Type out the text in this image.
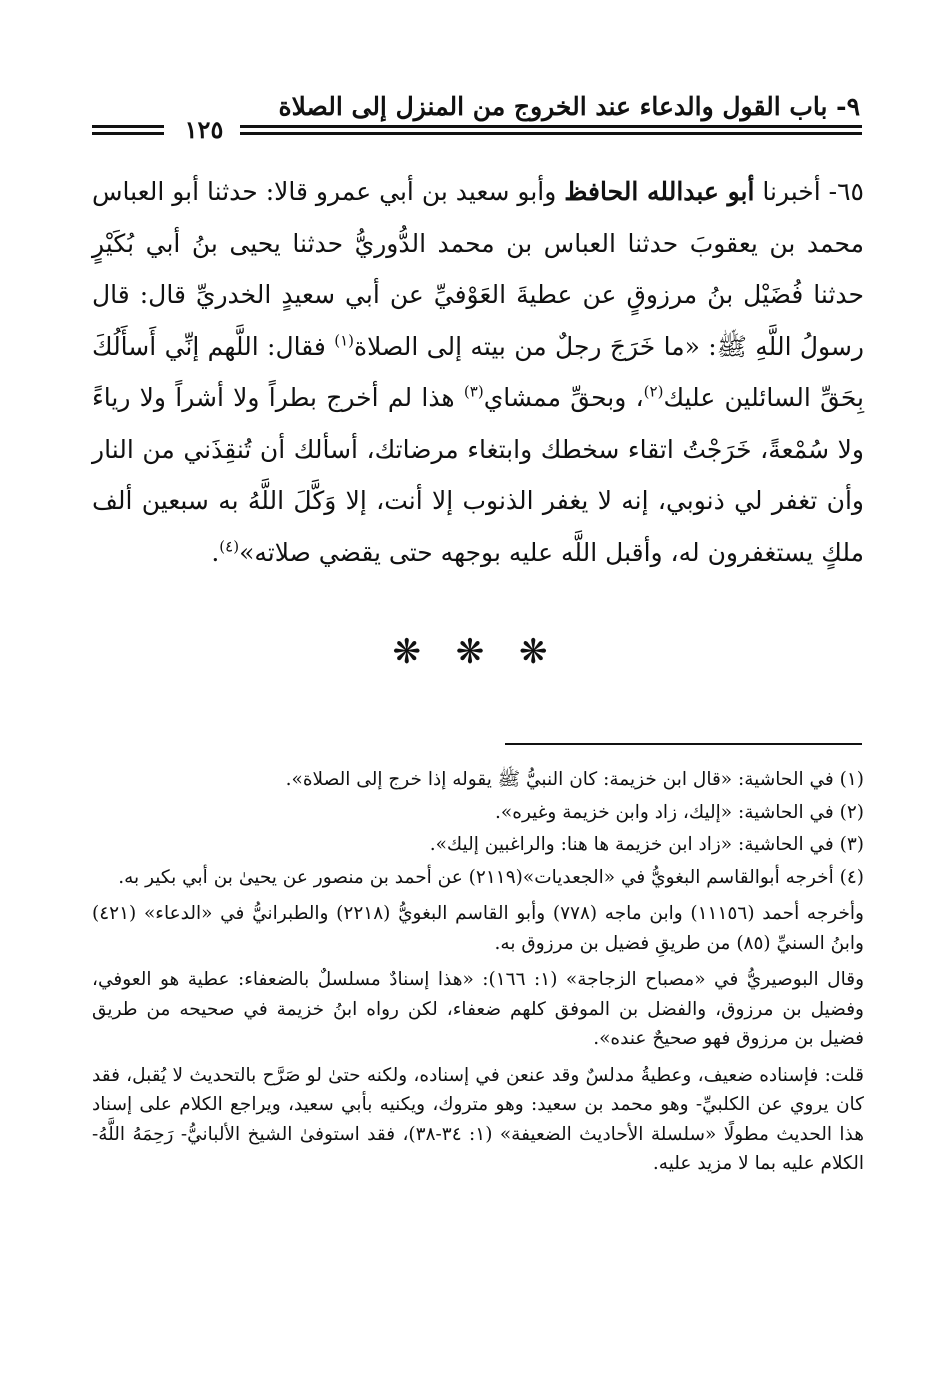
٩- باب القول والدعاء عند الخروج من المنزل إلى الصلاة
١٢٥

٦٥- أخبرنا أبو عبدالله الحافظ وأبو سعيد بن أبي عمرو قالا: حدثنا أبو العباس محمد بن يعقوبَ حدثنا العباس بن محمد الدُّوريُّ حدثنا يحيى بنُ أبي بُكَيْرٍ حدثنا فُضَيْل بنُ مرزوقٍ عن عطيةَ العَوْفيِّ عن أبي سعيدٍ الخدريِّ قال: قال رسولُ اللَّهِ ﷺ: «ما خَرَجَ رجلٌ من بيته إلى الصلاة$^{(١)}$ فقال: اللَّهم إنِّي أَسأَلُكَ بِحَقِّ السائلين عليك$^{(٢)}$، وبحقِّ ممشاي$^{(٣)}$ هذا لم أخرج بطراً ولا أشراً ولا رياءً ولا سُمْعةً، خَرَجْتُ اتقاء سخطك وابتغاء مرضاتك، أسألك أن تُنقِذَني من النار وأن تغفر لي ذنوبي، إنه لا يغفر الذنوب إلا أنت، إلا وَكَّلَ اللَّهُ به سبعين ألف ملكٍ يستغفرون له، وأقبل اللَّه عليه بوجهه حتى يقضي صلاته»$^{(٤)}$.

❋ ❋ ❋

(١) في الحاشية: «قال ابن خزيمة: كان النبيُّ ﷺ يقوله إذا خرج إلى الصلاة».

(٢) في الحاشية: «إليك، زاد وابن خزيمة وغيره».

(٣) في الحاشية: «زاد ابن خزيمة ها هنا: والراغبين إليك».

(٤) أخرجه أبوالقاسم البغويُّ في «الجعديات»(٢١١٩) عن أحمد بن منصور عن يحيىٰ بن أبي بكير به.

وأخرجه أحمد (١١١٥٦) وابن ماجه (٧٧٨) وأبو القاسم البغويُّ (٢٢١٨) والطبرانيُّ في «الدعاء» (٤٢١) وابنُ السنيِّ (٨٥) من طريقِ فضيل بن مرزوق به.

وقال البوصيريُّ في «مصباح الزجاجة» (١: ١٦٦): «هذا إسنادٌ مسلسلٌ بالضعفاء: عطية هو العوفي، وفضيل بن مرزوق، والفضل بن الموفق كلهم ضعفاء، لكن رواه ابنُ خزيمة في صحيحه من طريق فضيل بن مرزوق فهو صحيحٌ عنده».

قلت: فإسناده ضعيف، وعطيةُ مدلسٌ وقد عنعن في إسناده، ولكنه حتىٰ لو صَرَّح بالتحديث لا يُقبل، فقد كان يروي عن الكلبيِّ- وهو محمد بن سعيد: وهو متروك، ويكنيه بأبي سعيد، ويراجع الكلام على إسناد هذا الحديث مطولًا «سلسلة الأحاديث الضعيفة» (١: ٣٤-٣٨)، فقد استوفىٰ الشيخ الألبانيُّ- رَحِمَهُ اللَّهُ- الكلام عليه بما لا مزيد عليه.
